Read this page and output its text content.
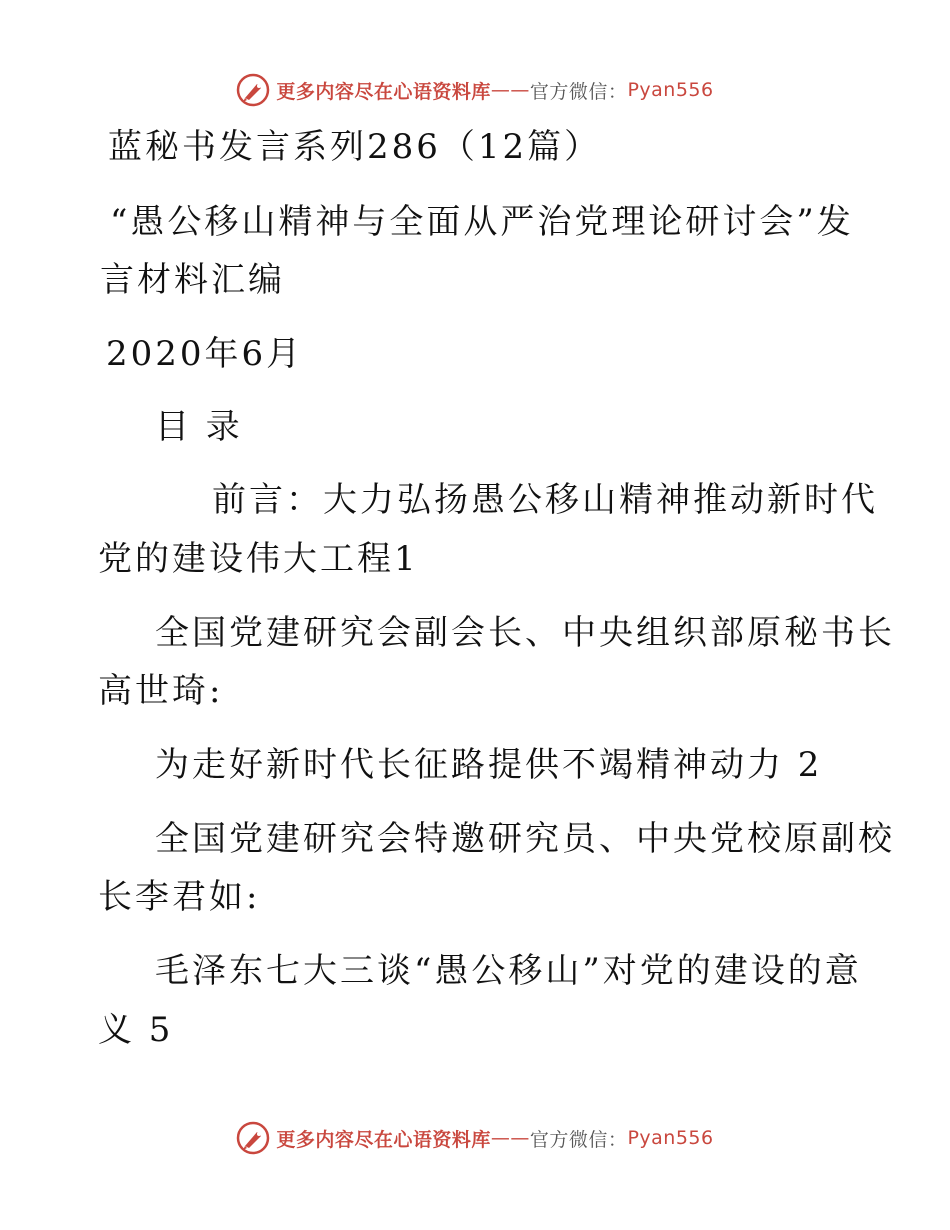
更多内容尽在心语资料库 —— 官方微信： Pyan556
蓝秘书发言系列286（12篇）
“愚公移山精神与全面从严治党理论研讨会”发
言材料汇编
2020年6月
目 录
前言：大力弘扬愚公移山精神推动新时代
党的建设伟大工程1
全国党建研究会副会长、中央组织部原秘书长
高世琦:
为走好新时代长征路提供不竭精神动力 2
全国党建研究会特邀研究员、中央党校原副校
长李君如:
毛泽东七大三谈“愚公移山”对党的建设的意
义 5
更多内容尽在心语资料库 —— 官方微信： Pyan556
